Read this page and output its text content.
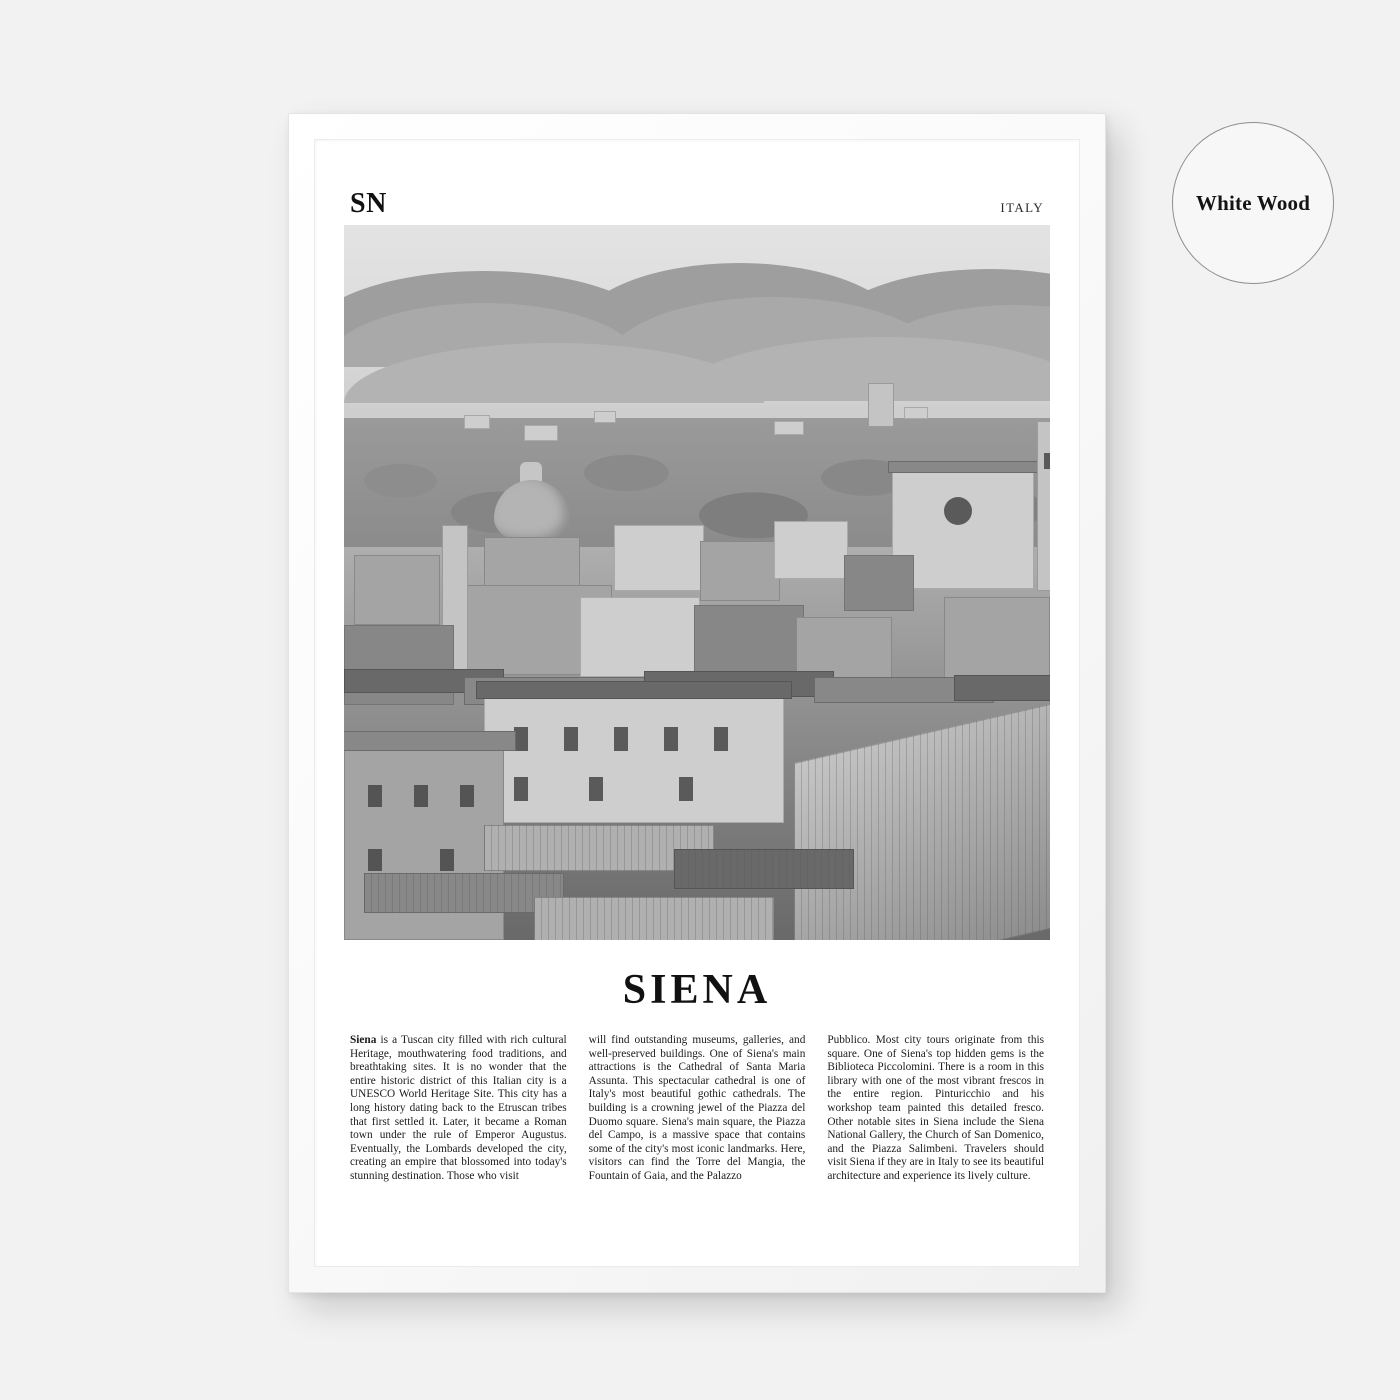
SN	ITALY
SIENA
Siena is a Tuscan city filled with rich cultural Heritage, mouthwatering food traditions, and breathtaking sites. It is no wonder that the entire historic district of this Italian city is a UNESCO World Heritage Site. This city has a long history dating back to the Etruscan tribes that first settled it. Later, it became a Roman town under the rule of Emperor Augustus. Eventually, the Lombards developed the city, creating an empire that blossomed into today's stunning destination. Those who visit
will find outstanding museums, galleries, and well-preserved buildings. One of Siena's main attractions is the Cathedral of Santa Maria Assunta. This spectacular cathedral is one of Italy's most beautiful gothic cathedrals. The building is a crowning jewel of the Piazza del Duomo square. Siena's main square, the Piazza del Campo, is a massive space that contains some of the city's most iconic landmarks. Here, visitors can find the Torre del Mangia, the Fountain of Gaia, and the Palazzo
Pubblico. Most city tours originate from this square. One of Siena's top hidden gems is the Biblioteca Piccolomini. There is a room in this library with one of the most vibrant frescos in the entire region. Pinturicchio and his workshop team painted this detailed fresco. Other notable sites in Siena include the Siena National Gallery, the Church of San Domenico, and the Piazza Salimbeni. Travelers should visit Siena if they are in Italy to see its beautiful architecture and experience its lively culture.
White Wood
